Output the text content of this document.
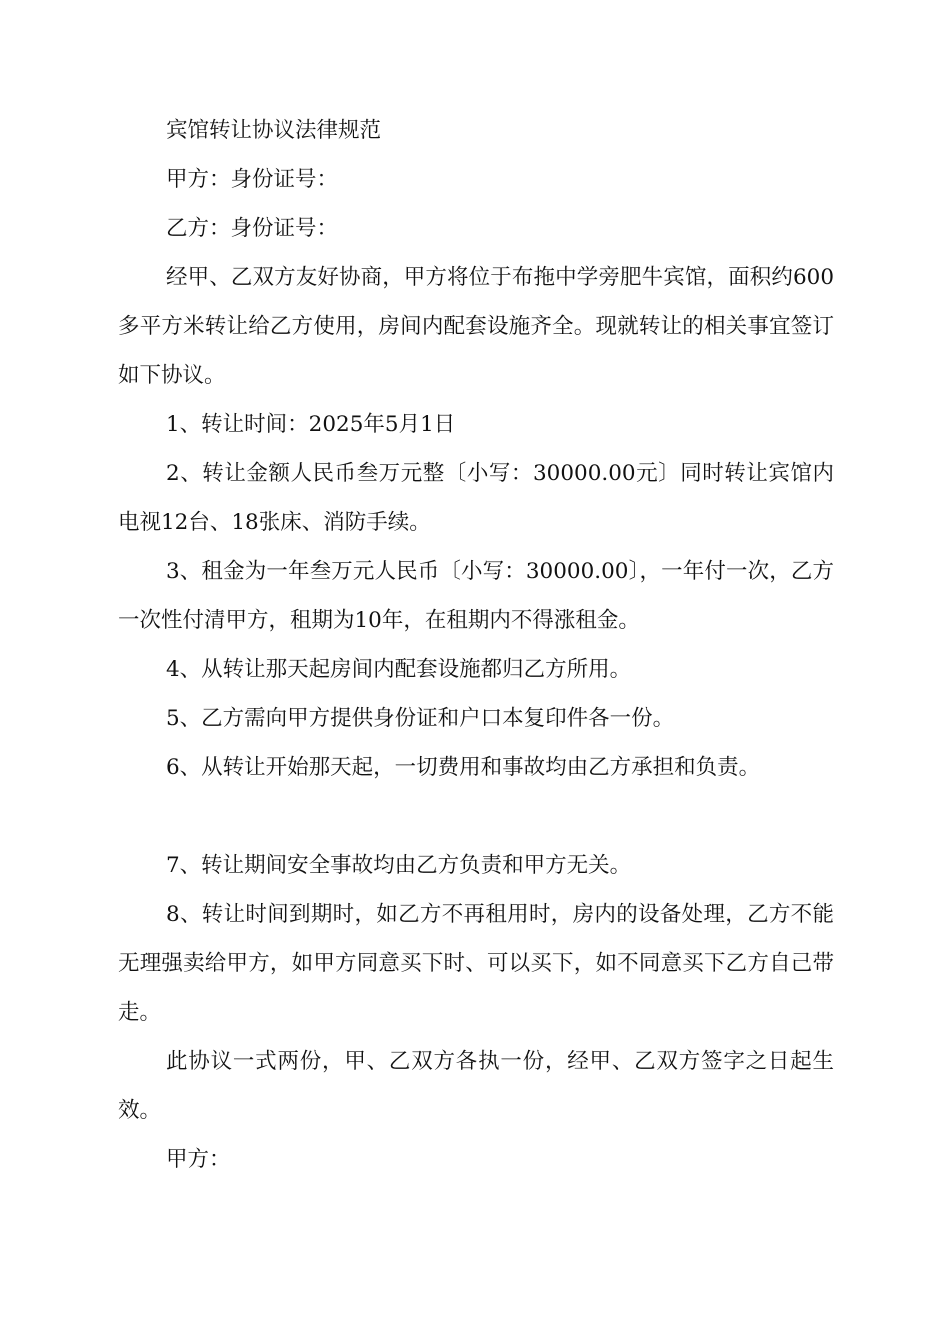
宾馆转让协议法律规范

甲方：身份证号：

乙方：身份证号：

经甲、乙双方友好协商，甲方将位于布拖中学旁肥牛宾馆，面积约600多平方米转让给乙方使用，房间内配套设施齐全。现就转让的相关事宜签订如下协议。

1、转让时间：2025年5月1日

2、转让金额人民币叁万元整〔小写：30000.00元〕同时转让宾馆内电视12台、18张床、消防手续。

3、租金为一年叁万元人民币〔小写：30000.00〕，一年付一次，乙方一次性付清甲方，租期为10年，在租期内不得涨租金。

4、从转让那天起房间内配套设施都归乙方所用。

5、乙方需向甲方提供身份证和户口本复印件各一份。

6、从转让开始那天起，一切费用和事故均由乙方承担和负责。

7、转让期间安全事故均由乙方负责和甲方无关。

8、转让时间到期时，如乙方不再租用时，房内的设备处理，乙方不能无理强卖给甲方，如甲方同意买下时、可以买下，如不同意买下乙方自己带走。

此协议一式两份，甲、乙双方各执一份，经甲、乙双方签字之日起生效。

甲方：
